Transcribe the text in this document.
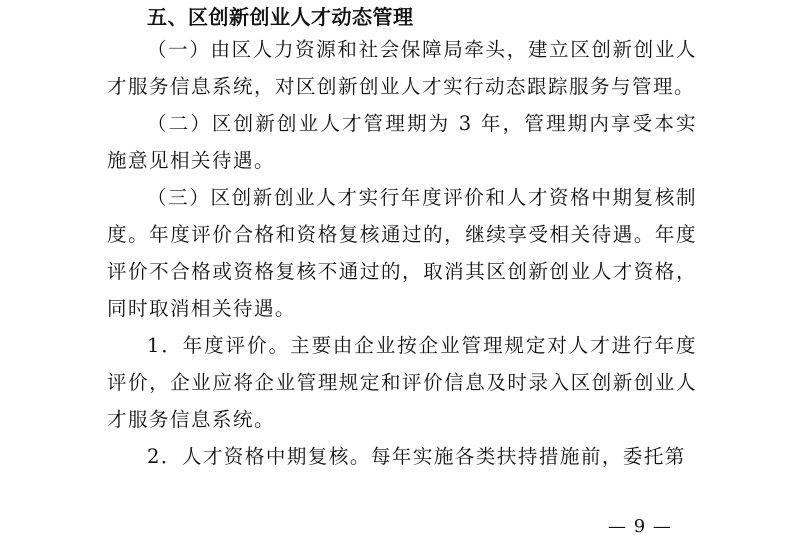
五、区创新创业人才动态管理

（一）由区人力资源和社会保障局牵头，建立区创新创业人才服务信息系统，对区创新创业人才实行动态跟踪服务与管理。

（二）区创新创业人才管理期为 3 年，管理期内享受本实施意见相关待遇。

（三）区创新创业人才实行年度评价和人才资格中期复核制度。年度评价合格和资格复核通过的，继续享受相关待遇。年度评价不合格或资格复核不通过的，取消其区创新创业人才资格，同时取消相关待遇。

1．年度评价。主要由企业按企业管理规定对人才进行年度评价，企业应将企业管理规定和评价信息及时录入区创新创业人才服务信息系统。

2．人才资格中期复核。每年实施各类扶持措施前，委托第

— 9 —
